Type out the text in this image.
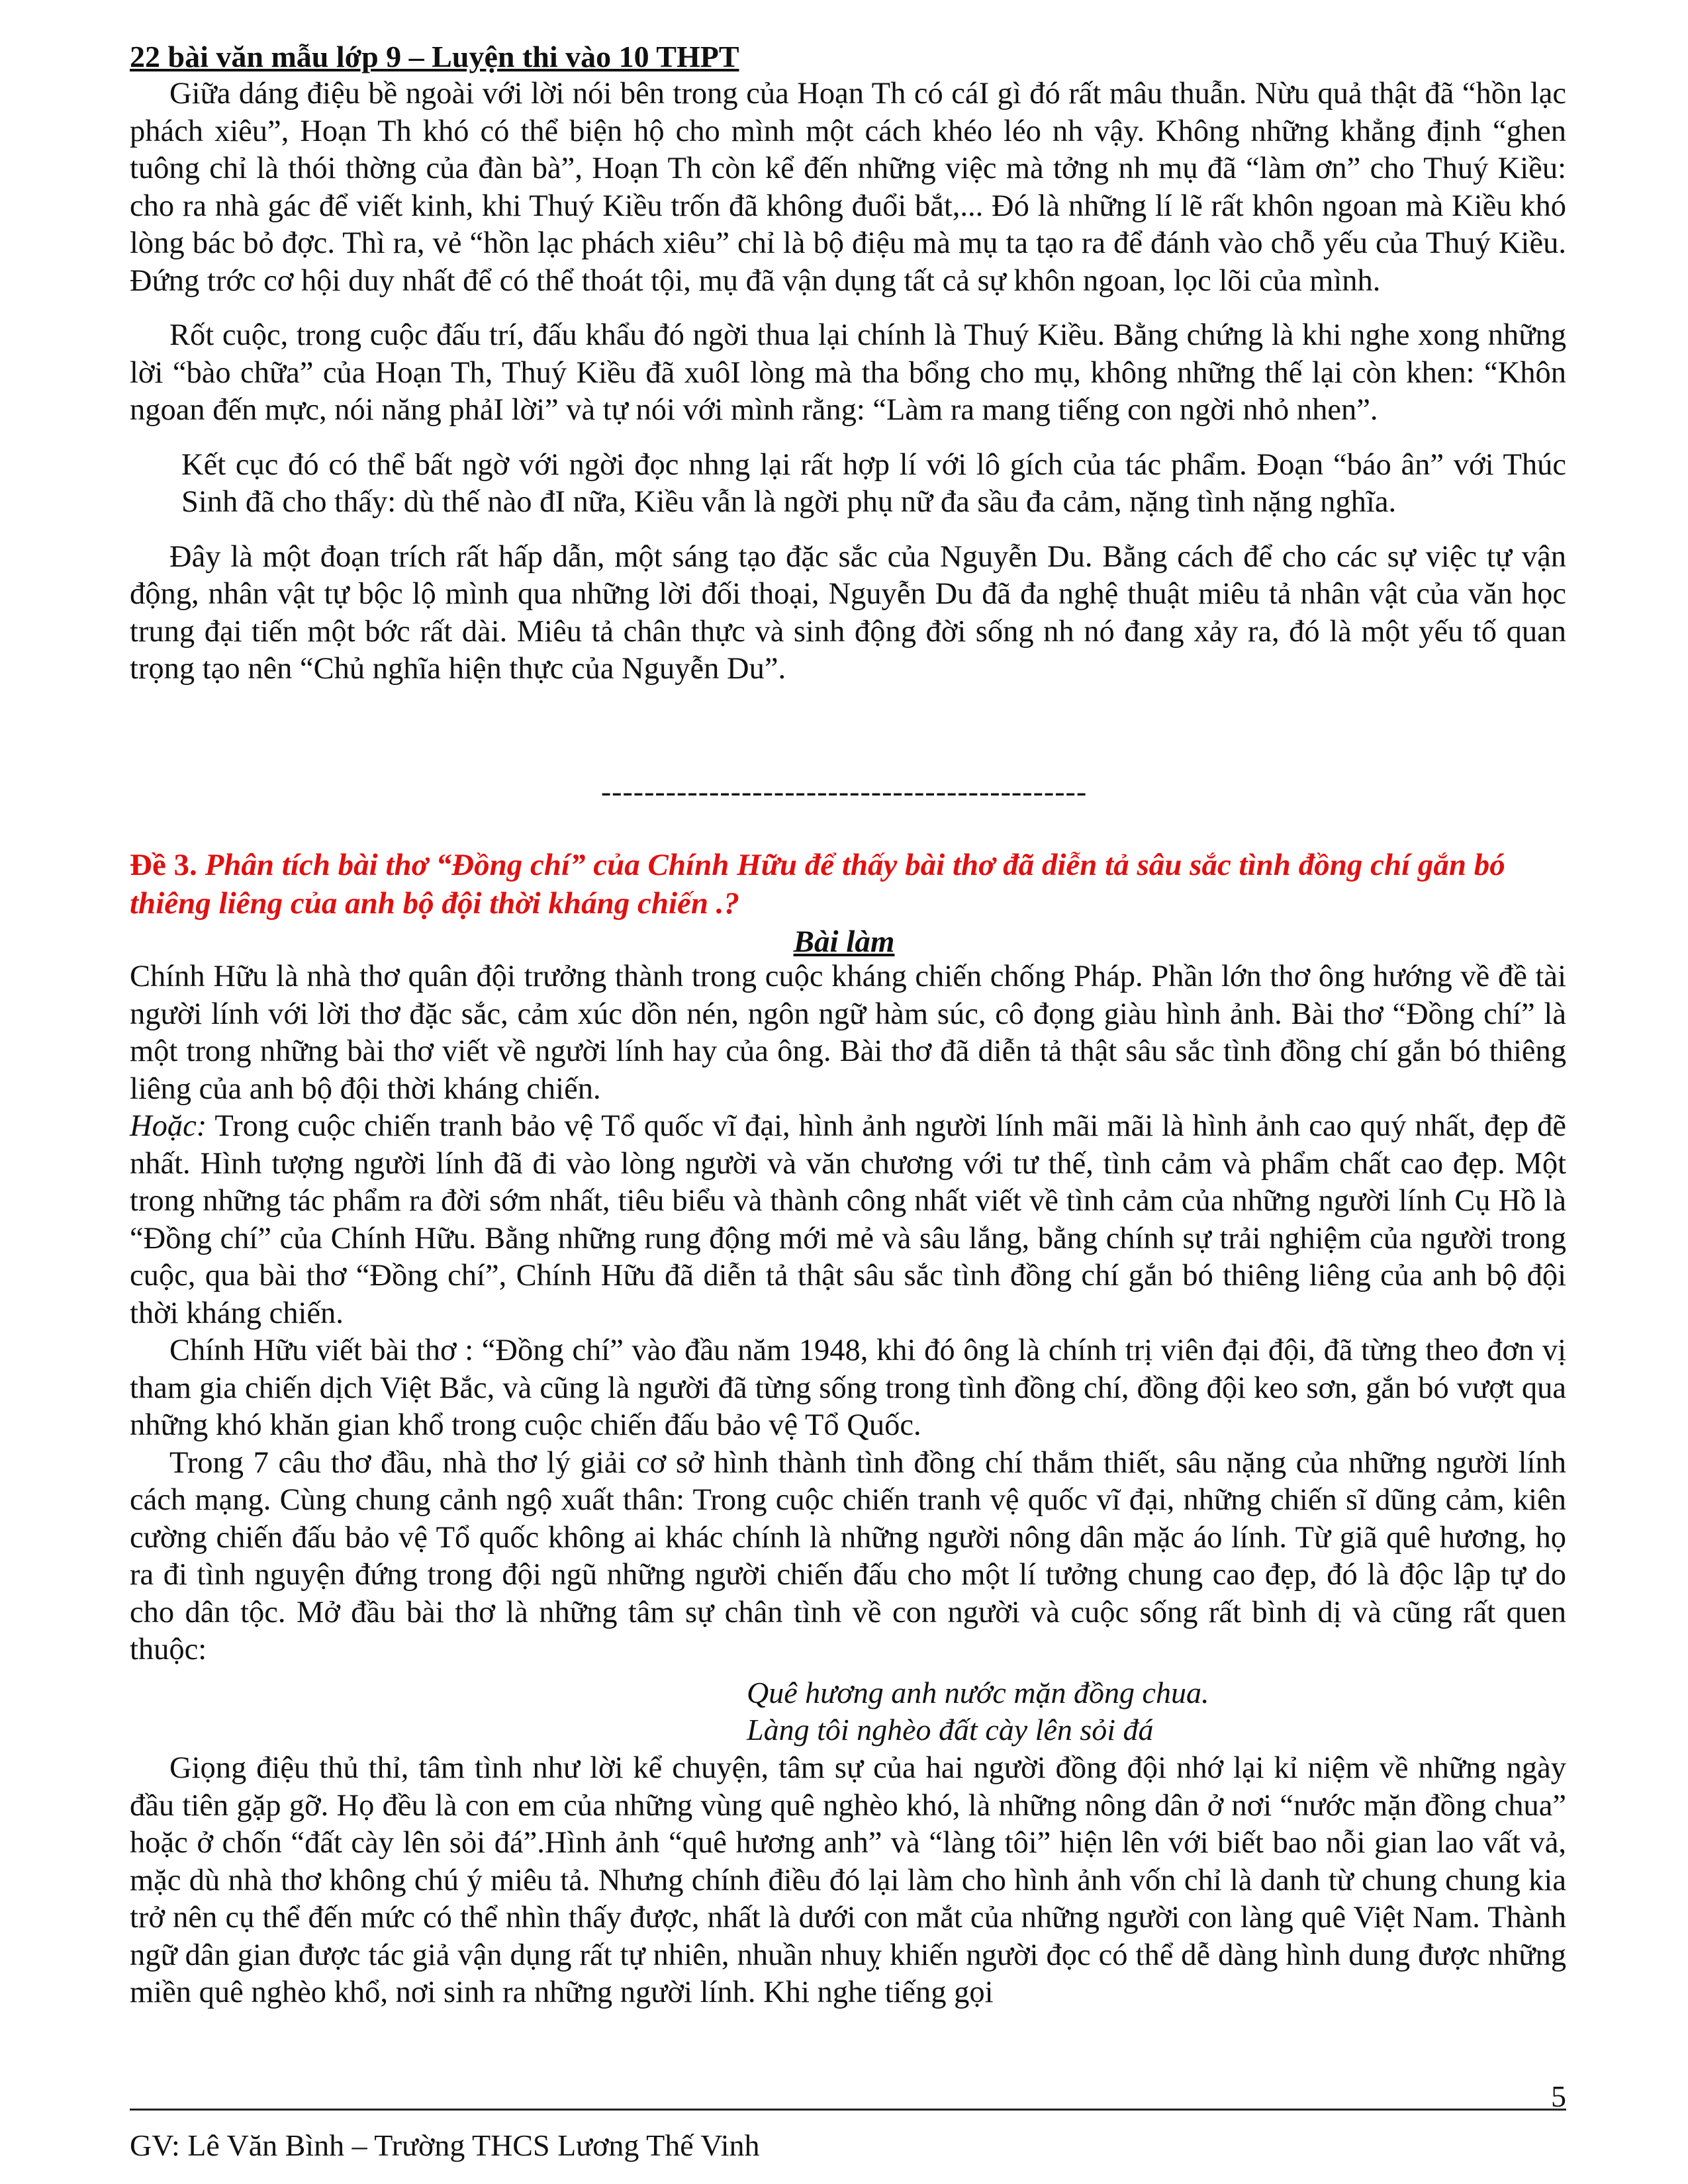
22 bài văn mẫu lớp 9 – Luyện thi vào 10 THPT

Giữa dáng điệu bề ngoài với lời nói bên trong của Hoạn Th có cáI gì đó rất mâu thuẫn. Nừu quả thật đã “hồn lạc phách xiêu”, Hoạn Th khó có thể biện hộ cho mình một cách khéo léo nh vậy. Không những khẳng định “ghen tuông chỉ là thói thờng của đàn bà”, Hoạn Th còn kể đến những việc mà tởng nh mụ đã “làm ơn” cho Thuý Kiều: cho ra nhà gác để viết kinh, khi Thuý Kiều trốn đã không đuổi bắt,... Đó là những lí lẽ rất khôn ngoan mà Kiều khó lòng bác bỏ đợc. Thì ra, vẻ “hồn lạc phách xiêu” chỉ là bộ điệu mà mụ ta tạo ra để đánh vào chỗ yếu của Thuý Kiều. Đứng trớc cơ hội duy nhất để có thể thoát tội, mụ đã vận dụng tất cả sự khôn ngoan, lọc lõi của mình.

Rốt cuộc, trong cuộc đấu trí, đấu khẩu đó ngời thua lại chính là Thuý Kiều. Bằng chứng là khi nghe xong những lời “bào chữa” của Hoạn Th, Thuý Kiều đã xuôI lòng mà tha bổng cho mụ, không những thế lại còn khen: “Khôn ngoan đến mực, nói năng phảI lời” và tự nói với mình rằng: “Làm ra mang tiếng con ngời nhỏ nhen”.

Kết cục đó có thể bất ngờ với ngời đọc nhng lại rất hợp lí với lô gích của tác phẩm. Đoạn “báo ân” với Thúc Sinh đã cho thấy: dù thế nào đI nữa, Kiều vẫn là ngời phụ nữ đa sầu đa cảm, nặng tình nặng nghĩa.

Đây là một đoạn trích rất hấp dẫn, một sáng tạo đặc sắc của Nguyễn Du. Bằng cách để cho các sự việc tự vận động, nhân vật tự bộc lộ mình qua những lời đối thoại, Nguyễn Du đã đa nghệ thuật miêu tả nhân vật của văn học trung đại tiến một bớc rất dài. Miêu tả chân thực và sinh động đời sống nh nó đang xảy ra, đó là một yếu tố quan trọng tạo nên “Chủ nghĩa hiện thực của Nguyễn Du”.

---------------------------------------------
Đề 3. Phân tích bài thơ “Đồng chí” của Chính Hữu để thấy bài thơ đã diễn tả sâu sắc tình đồng chí gắn bó thiêng liêng của anh bộ đội thời kháng chiến .?
Bài làm

Chính Hữu là nhà thơ quân đội trưởng thành trong cuộc kháng chiến chống Pháp. Phần lớn thơ ông hướng về đề tài người lính với lời thơ đặc sắc, cảm xúc dồn nén, ngôn ngữ hàm súc, cô đọng giàu hình ảnh. Bài thơ “Đồng chí” là một trong những bài thơ viết về người lính hay của ông. Bài thơ đã diễn tả thật sâu sắc tình đồng chí gắn bó thiêng liêng của anh bộ đội thời kháng chiến.

Hoặc: Trong cuộc chiến tranh bảo vệ Tổ quốc vĩ đại, hình ảnh người lính mãi mãi là hình ảnh cao quý nhất, đẹp đẽ nhất. Hình tượng người lính đã đi vào lòng người và văn chương với tư thế, tình cảm và phẩm chất cao đẹp. Một trong những tác phẩm ra đời sớm nhất, tiêu biểu và thành công nhất viết về tình cảm của những người lính Cụ Hồ là “Đồng chí” của Chính Hữu. Bằng những rung động mới mẻ và sâu lắng, bằng chính sự trải nghiệm của người trong cuộc, qua bài thơ “Đồng chí”, Chính Hữu đã diễn tả thật sâu sắc tình đồng chí gắn bó thiêng liêng của anh bộ đội thời kháng chiến.

Chính Hữu viết bài thơ : “Đồng chí” vào đầu năm 1948, khi đó ông là chính trị viên đại đội, đã từng theo đơn vị tham gia chiến dịch Việt Bắc, và cũng là người đã từng sống trong tình đồng chí, đồng đội keo sơn, gắn bó vượt qua những khó khăn gian khổ trong cuộc chiến đấu bảo vệ Tổ Quốc.

Trong 7 câu thơ đầu, nhà thơ lý giải cơ sở hình thành tình đồng chí thắm thiết, sâu nặng của những người lính cách mạng. Cùng chung cảnh ngộ xuất thân: Trong cuộc chiến tranh vệ quốc vĩ đại, những chiến sĩ dũng cảm, kiên cường chiến đấu bảo vệ Tổ quốc không ai khác chính là những người nông dân mặc áo lính. Từ giã quê hương, họ ra đi tình nguyện đứng trong đội ngũ những người chiến đấu cho một lí tưởng chung cao đẹp, đó là độc lập tự do cho dân tộc. Mở đầu bài thơ là những tâm sự chân tình về con người và cuộc sống rất bình dị và cũng rất quen thuộc:

Quê hương anh nước mặn đồng chua.
Làng tôi nghèo đất cày lên sỏi đá

Giọng điệu thủ thỉ, tâm tình như lời kể chuyện, tâm sự của hai người đồng đội nhớ lại kỉ niệm về những ngày đầu tiên gặp gỡ. Họ đều là con em của những vùng quê nghèo khó, là những nông dân ở nơi “nước mặn đồng chua” hoặc ở chốn “đất cày lên sỏi đá”.Hình ảnh “quê hương anh” và “làng tôi” hiện lên với biết bao nỗi gian lao vất vả, mặc dù nhà thơ không chú ý miêu tả. Nhưng chính điều đó lại làm cho hình ảnh vốn chỉ là danh từ chung chung kia trở nên cụ thể đến mức có thể nhìn thấy được, nhất là dưới con mắt của những người con làng quê Việt Nam. Thành ngữ dân gian được tác giả vận dụng rất tự nhiên, nhuần nhuỵ khiến người đọc có thể dễ dàng hình dung được những miền quê nghèo khổ, nơi sinh ra những người lính. Khi nghe tiếng gọi

5
GV: Lê Văn Bình – Trường THCS Lương Thế Vinh
